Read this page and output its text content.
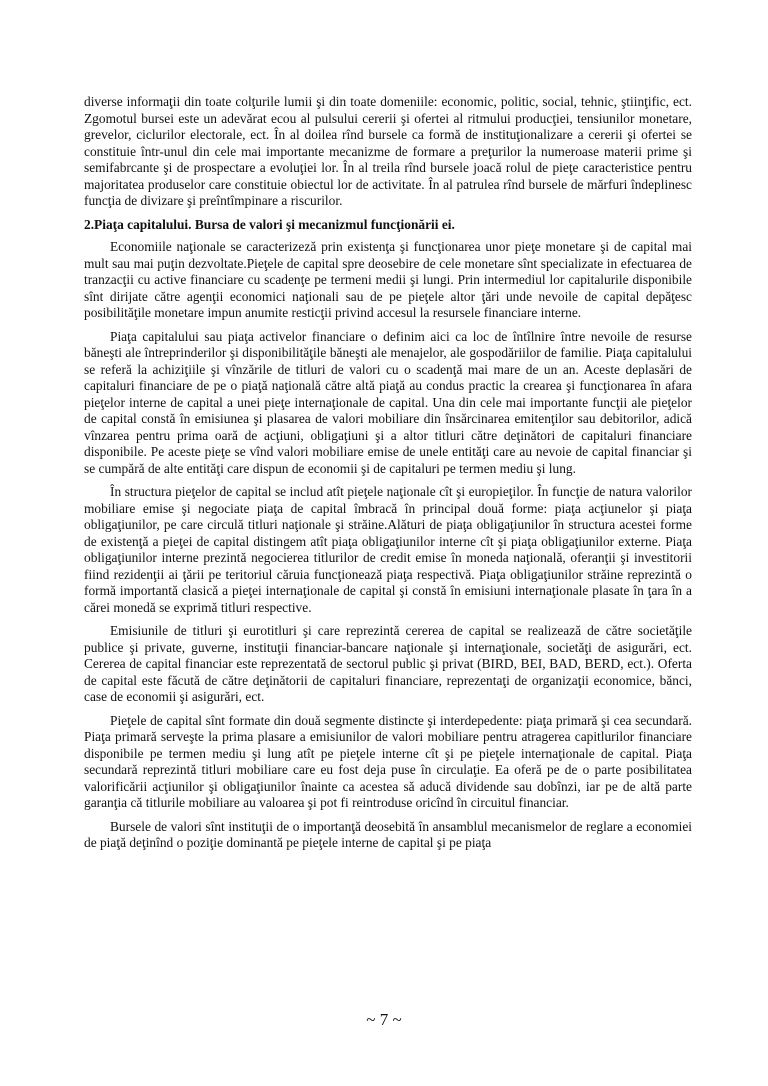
diverse informaţii din toate colţurile lumii şi din toate domeniile: economic, politic, social, tehnic, ştiinţific, ect. Zgomotul bursei este un adevărat ecou al pulsului cererii şi ofertei al ritmului producţiei, tensiunilor monetare, grevelor, ciclurilor electorale, ect. În al doilea rînd bursele ca formă de instituţionalizare a cererii şi ofertei se constituie într-unul din cele mai importante mecanizme de formare a preţurilor la numeroase materii prime şi semifabrcante şi de prospectare a evoluţiei lor. În al treila rînd bursele joacă rolul de pieţe caracteristice pentru majoritatea produselor care constituie obiectul lor de activitate. În al patrulea rînd bursele de mărfuri îndeplinesc funcţia de divizare şi preîntîmpinare a riscurilor.

2.Piaţa capitalului. Bursa de valori şi mecanizmul funcţionării ei.

Economiile naţionale se caracterizeză prin existenţa şi funcţionarea unor pieţe monetare şi de capital mai mult sau mai puţin dezvoltate.Pieţele de capital spre deosebire de cele monetare sînt specializate in efectuarea de tranzacţii cu active financiare cu scadenţe pe termeni medii şi lungi. Prin intermediul lor capitalurile disponibile sînt dirijate către agenţii economici naţionali sau de pe pieţele altor ţări unde nevoile de capital depăţesc posibilităţile monetare impun anumite resticţii privind accesul la resursele financiare interne.

Piaţa capitalului sau piaţa activelor financiare o definim aici ca loc de întîlnire între nevoile de resurse băneşti ale întreprinderilor şi disponibilităţile băneşti ale menajelor, ale gospodăriilor de familie. Piaţa capitalului se referă la achiziţiile şi vînzările de titluri de valori cu o scadenţă mai mare de un an. Aceste deplasări de capitaluri financiare de pe o piaţă naţională către altă piaţă au condus practic la crearea şi funcţionarea în afara pieţelor interne de capital a unei pieţe internaţionale de capital. Una din cele mai importante funcţii ale pieţelor de capital constă în emisiunea şi plasarea de valori mobiliare din însărcinarea emitenţilor sau debitorilor, adică vînzarea pentru prima oară de acţiuni, obligaţiuni şi a altor titluri către deţinători de capitaluri financiare disponibile. Pe aceste pieţe se vînd valori mobiliare emise de unele entităţi care au nevoie de capital financiar şi se cumpără de alte entităţi care dispun de economii şi de capitaluri pe termen mediu şi lung.

În structura pieţelor de capital se includ atît pieţele naţionale cît şi europieţilor. În funcţie de natura valorilor mobiliare emise şi negociate piaţa de capital îmbracă în principal două forme: piaţa acţiunelor şi piaţa obligaţiunilor, pe care circulă titluri naţionale şi străine.Alături de piaţa obligaţiunilor în structura acestei forme de existenţă a pieţei de capital distingem atît piaţa obligaţiunilor interne cît şi piaţa obligaţiunilor externe. Piaţa obligaţiunilor interne prezintă negocierea titlurilor de credit emise în moneda naţională, oferanţii şi investitorii fiind rezidenţii ai ţării pe teritoriul căruia funcţionează piaţa respectivă. Piaţa obligaţiunilor străine reprezintă o formă importantă clasică a pieţei internaţionale de capital şi constă în emisiuni internaţionale plasate în ţara în a cărei monedă se exprimă titluri respective.

Emisiunile de titluri şi eurotitluri şi care reprezintă cererea de capital se realizează de către societăţile publice şi private, guverne, instituţii financiar-bancare naţionale şi internaţionale, societăţi de asigurări, ect. Cererea de capital financiar este reprezentată de sectorul public şi privat (BIRD, BEI, BAD, BERD, ect.). Oferta de capital este făcută de către deţinătorii de capitaluri financiare, reprezentaţi de organizaţii economice, bănci, case de economii şi asigurări, ect.

Pieţele de capital sînt formate din două segmente distincte şi interdepedente: piaţa primară şi cea secundară. Piaţa primară serveşte la prima plasare a emisiunilor de valori mobiliare pentru atragerea capitlurilor financiare disponibile pe termen mediu şi lung atît pe pieţele interne cît şi pe pieţele internaţionale de capital. Piaţa secundară reprezintă titluri mobiliare care eu fost deja puse în circulaţie. Ea oferă pe de o parte posibilitatea valorificării acţiunilor şi obligaţiunilor înainte ca acestea să aducă dividende sau dobînzi, iar pe de altă parte garanţia că titlurile mobiliare au valoarea şi pot fi reintroduse oricînd în circuitul financiar.

Bursele de valori sînt instituţii de o importanţă deosebită în ansamblul mecanismelor de reglare a economiei de piaţă deţinînd o poziţie dominantă pe pieţele interne de capital şi pe piaţa

~ 7 ~
